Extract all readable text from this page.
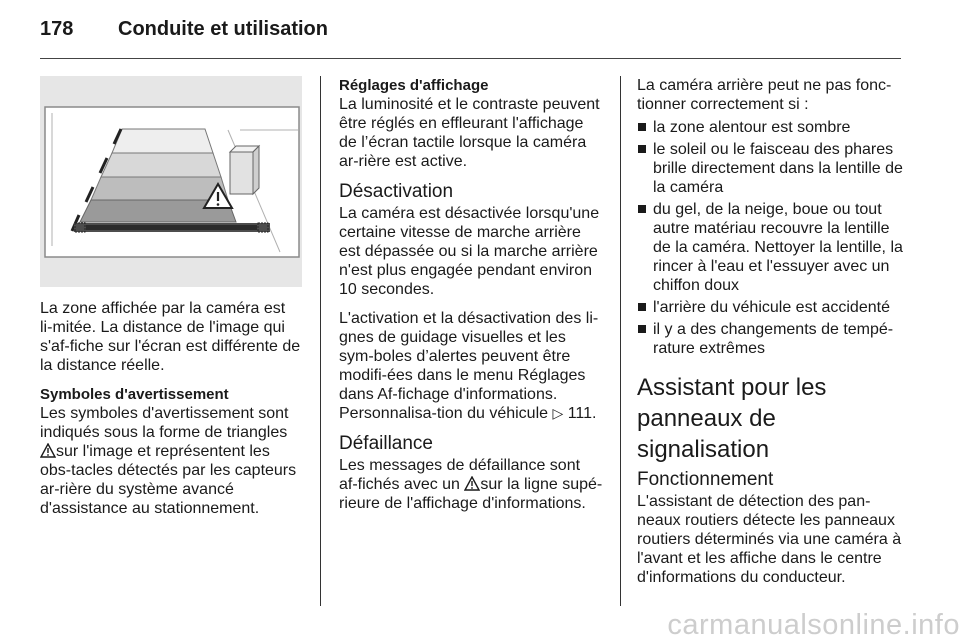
178	Conduite et utilisation

La zone affichée par la caméra est li-mitée. La distance de l'image qui s'af-fiche sur l'écran est différente de la distance réelle.

Symboles d'avertissement

Les symboles d'avertissement sont indiqués sous la forme de triangles sur l'image et représentent les obs-tacles détectés par les capteurs ar-rière du système avancé d'assistance au stationnement.

Réglages d'affichage

La luminosité et le contraste peuvent être réglés en effleurant l'affichage de l’écran tactile lorsque la caméra ar-rière est active.

Désactivation

La caméra est désactivée lorsqu'une certaine vitesse de marche arrière est dépassée ou si la marche arrière n'est plus engagée pendant environ 10 secondes.

L'activation et la désactivation des li-gnes de guidage visuelles et les sym-boles d’alertes peuvent être modifi-ées dans le menu Réglages dans Af-fichage d'informations. Personnalisa-tion du véhicule ▷ 111.

Défaillance

Les messages de défaillance sont af-fichés avec un sur la ligne supé-rieure de l'affichage d'informations.

La caméra arrière peut ne pas fonc-tionner correctement si :

la zone alentour est sombre
le soleil ou le faisceau des phares brille directement dans la lentille de la caméra
du gel, de la neige, boue ou tout autre matériau recouvre la lentille de la caméra. Nettoyer la lentille, la rincer à l'eau et l'essuyer avec un chiffon doux
l'arrière du véhicule est accidenté
il y a des changements de tempé-rature extrêmes
Assistant pour les panneaux de signalisation
Fonctionnement

L'assistant de détection des pan-neaux routiers détecte les panneaux routiers déterminés via une caméra à l'avant et les affiche dans le centre d'informations du conducteur.

carmanualsonline.info
